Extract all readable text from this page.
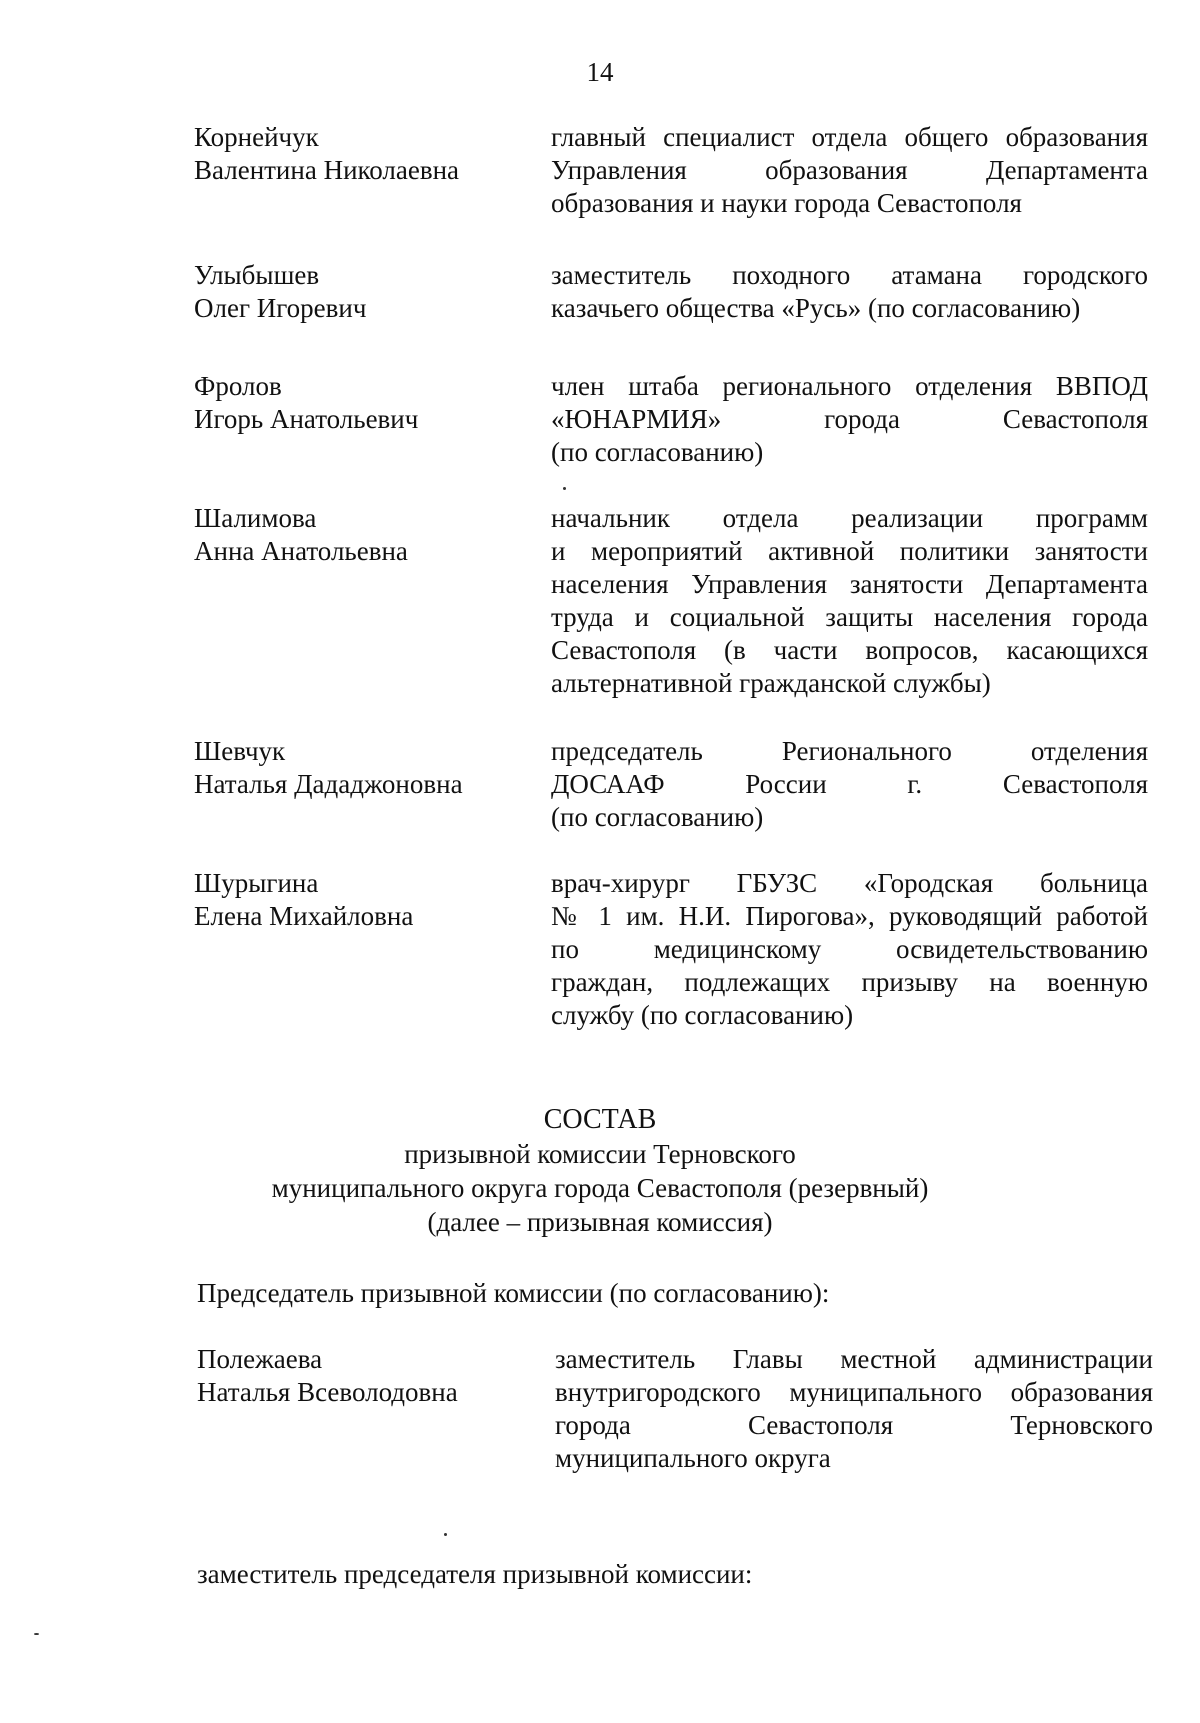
14
Корнейчук
Валентина Николаевна
главный специалист отдела общего образования
Управления образования Департамента
образования и науки города Севастополя
Улыбышев
Олег Игоревич
заместитель походного атамана городского
казачьего общества «Русь» (по согласованию)
Фролов
Игорь Анатольевич
член штаба регионального отделения ВВПОД
«ЮНАРМИЯ» города Севастополя
(по согласованию)
Шалимова
Анна Анатольевна
начальник отдела реализации программ
и мероприятий активной политики занятости
населения Управления занятости Департамента
труда и социальной защиты населения города
Севастополя (в части вопросов, касающихся
альтернативной гражданской службы)
Шевчук
Наталья Дададжоновна
председатель Регионального отделения
ДОСААФ России г. Севастополя
(по согласованию)
Шурыгина
Елена Михайловна
врач-хирург ГБУЗС «Городская больница
№ 1 им. Н.И. Пирогова», руководящий работой
по медицинскому освидетельствованию
граждан, подлежащих призыву на военную
службу (по согласованию)
СОСТАВ
призывной комиссии Терновского
муниципального округа города Севастополя (резервный)
(далее – призывная комиссия)
Председатель призывной комиссии (по согласованию):
Полежаева
Наталья Всеволодовна
заместитель Главы местной администрации
внутригородского муниципального образования
города Севастополя Терновского
муниципального округа
заместитель председателя призывной комиссии:
